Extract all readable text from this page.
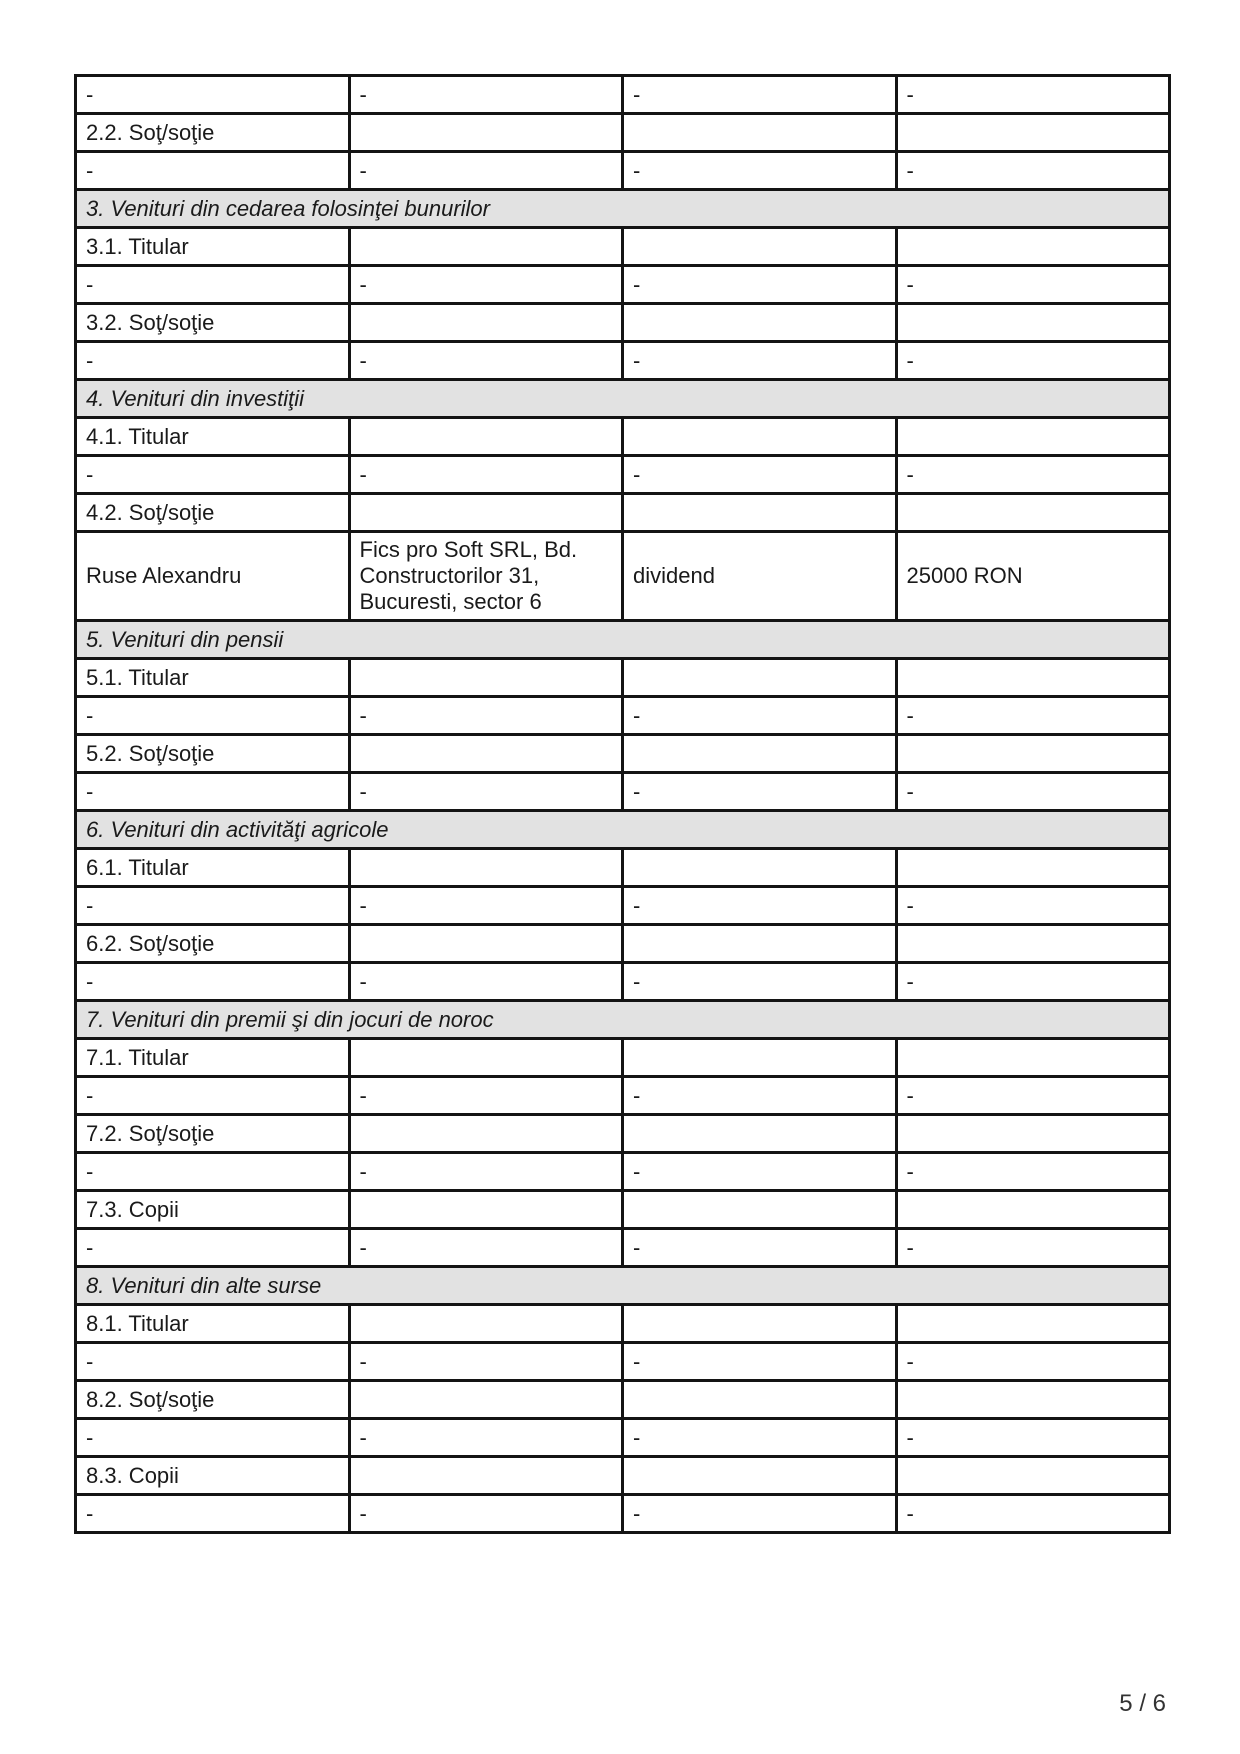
-	-	-	-
2.2. Soţ/soţie			
-	-	-	-
3. Venituri din cedarea folosinţei bunurilor			
3.1. Titular			
-	-	-	-
3.2. Soţ/soţie			
-	-	-	-
4. Venituri din investiţii			
4.1. Titular			
-	-	-	-
4.2. Soţ/soţie			
Ruse Alexandru	Fics pro Soft SRL, Bd. Constructorilor 31, Bucuresti, sector 6	dividend	25000 RON
5. Venituri din pensii			
5.1. Titular			
-	-	-	-
5.2. Soţ/soţie			
-	-	-	-
6. Venituri din activităţi agricole			
6.1. Titular			
-	-	-	-
6.2. Soţ/soţie			
-	-	-	-
7. Venituri din premii şi din jocuri de noroc			
7.1. Titular			
-	-	-	-
7.2. Soţ/soţie			
-	-	-	-
7.3. Copii			
-	-	-	-
8. Venituri din alte surse			
8.1. Titular			
-	-	-	-
8.2. Soţ/soţie			
-	-	-	-
8.3. Copii			
-	-	-	-
5 / 6
